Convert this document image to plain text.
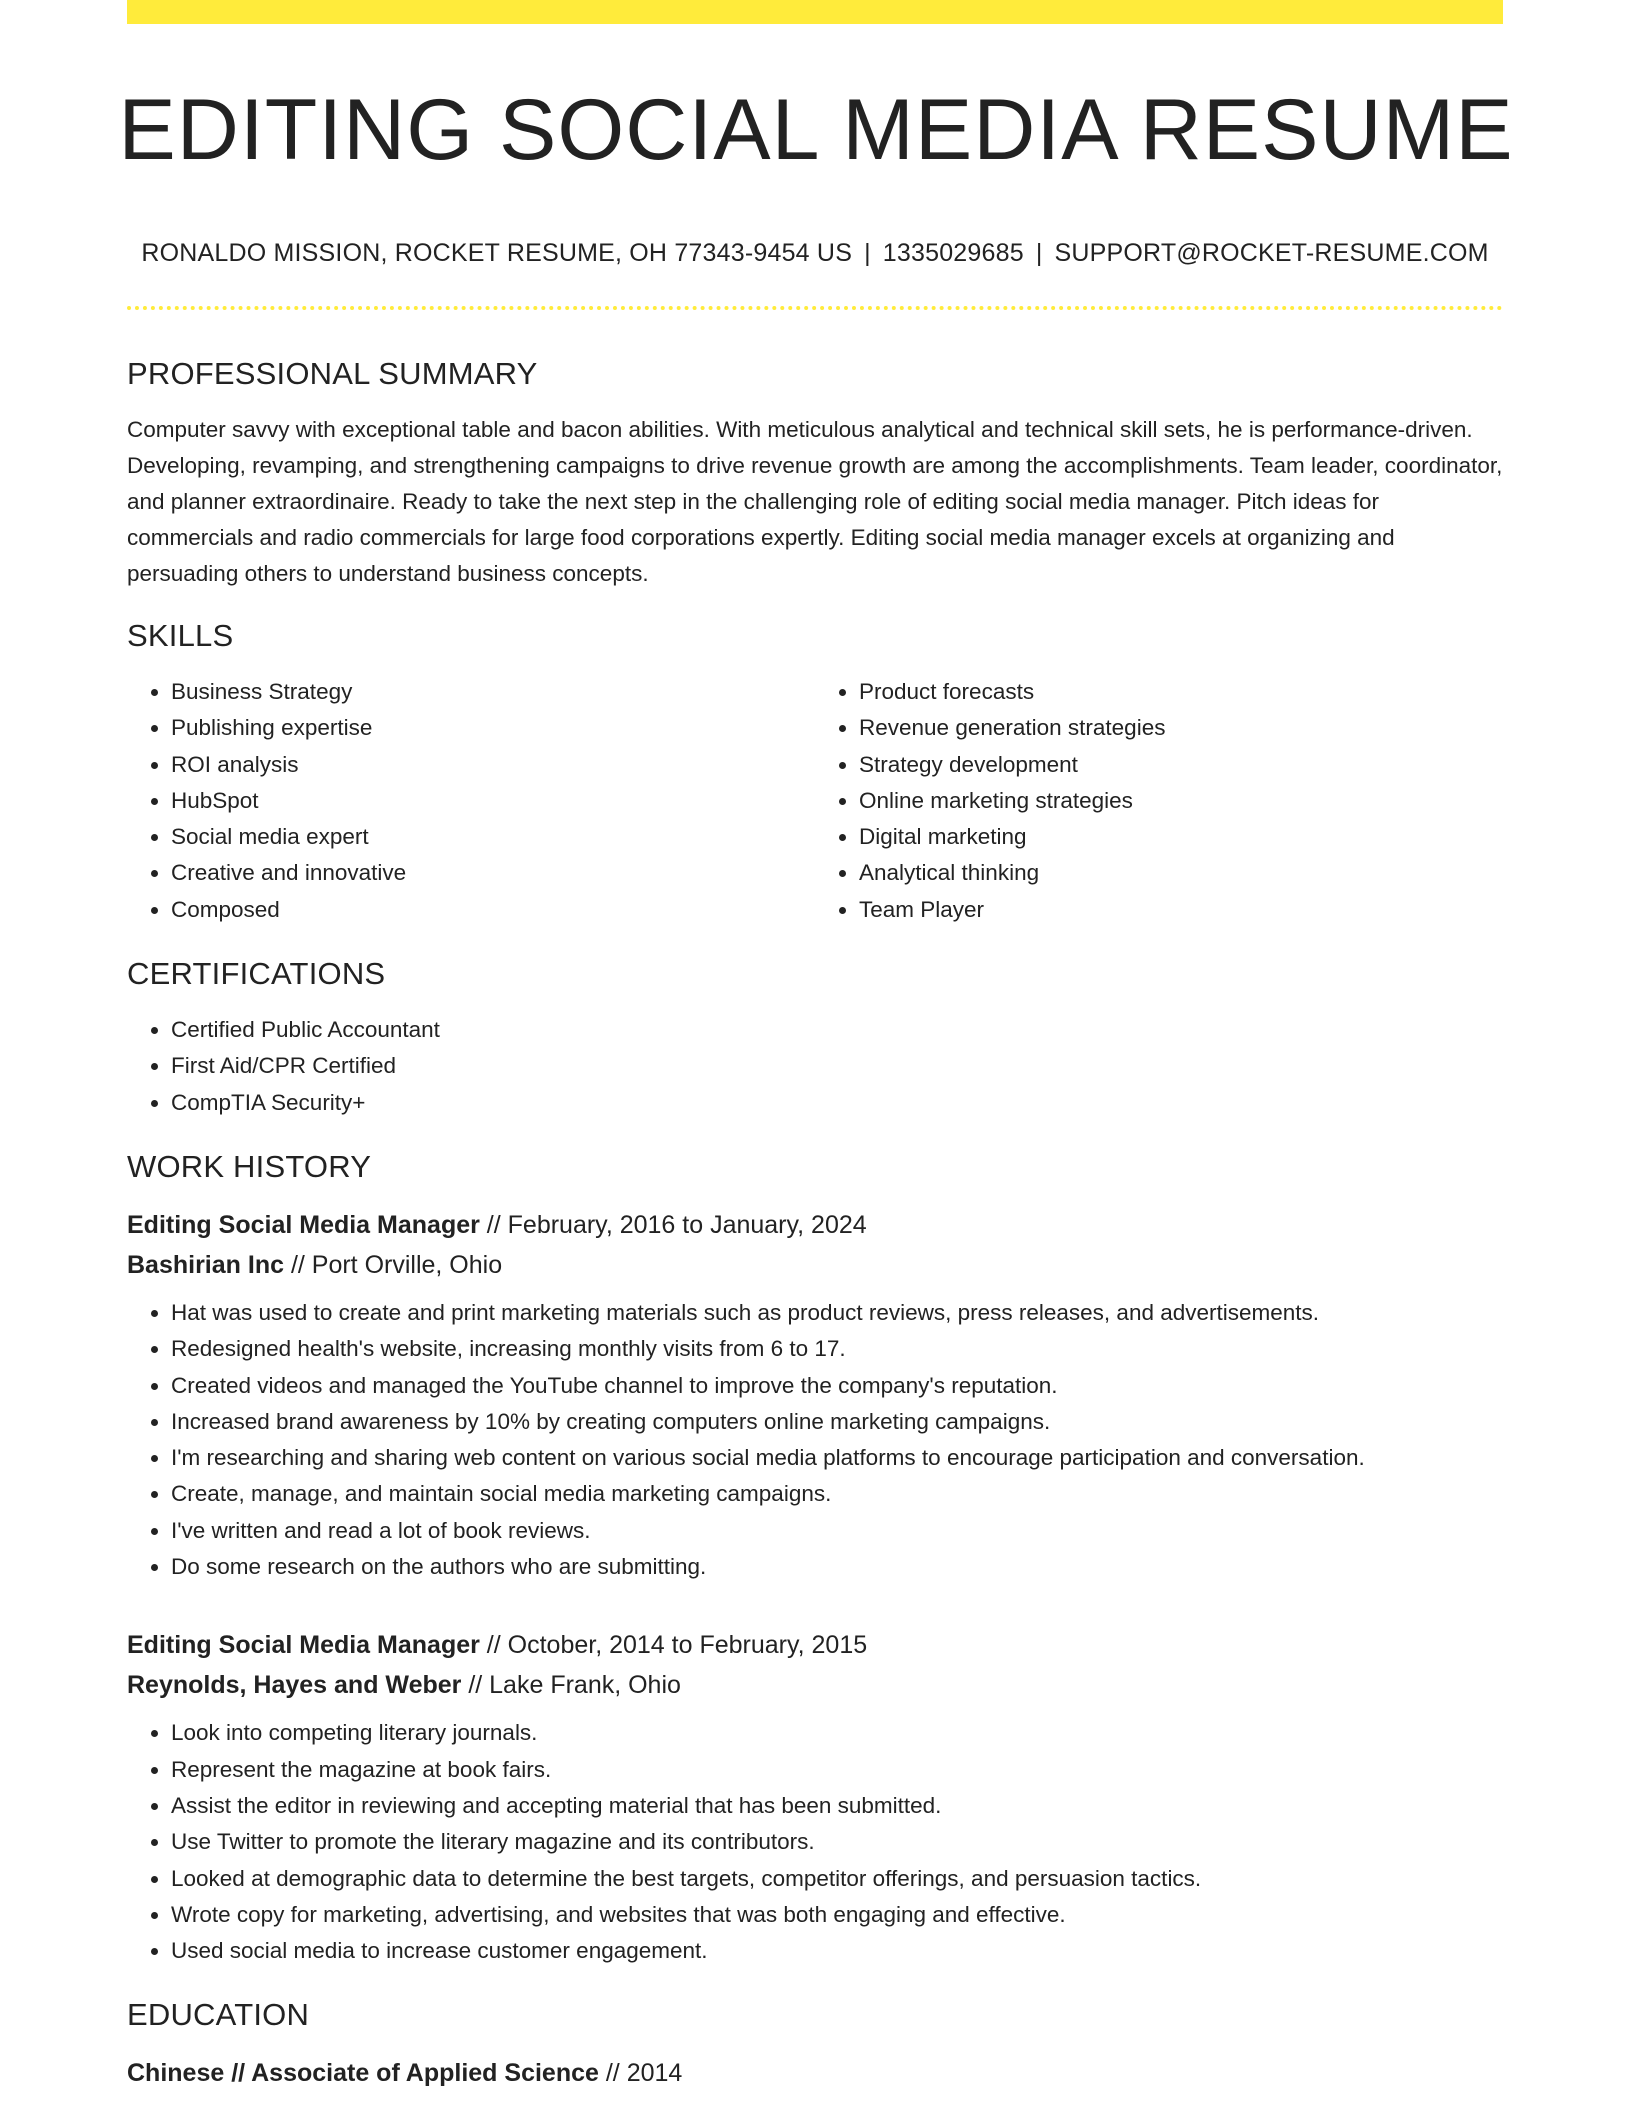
EDITING SOCIAL MEDIA RESUME
RONALDO MISSION, ROCKET RESUME, OH 77343-9454 US | 1335029685 | SUPPORT@ROCKET-RESUME.COM
PROFESSIONAL SUMMARY

Computer savvy with exceptional table and bacon abilities. With meticulous analytical and technical skill sets, he is performance-driven. Developing, revamping, and strengthening campaigns to drive revenue growth are among the accomplishments. Team leader, coordinator, and planner extraordinaire. Ready to take the next step in the challenging role of editing social media manager. Pitch ideas for commercials and radio commercials for large food corporations expertly. Editing social media manager excels at organizing and persuading others to understand business concepts.

SKILLS
• Business Strategy
• Publishing expertise
• ROI analysis
• HubSpot
• Social media expert
• Creative and innovative
• Composed
• Product forecasts
• Revenue generation strategies
• Strategy development
• Online marketing strategies
• Digital marketing
• Analytical thinking
• Team Player
CERTIFICATIONS
• Certified Public Accountant
• First Aid/CPR Certified
• CompTIA Security+
WORK HISTORY
Editing Social Media Manager // February, 2016 to January, 2024
Bashirian Inc // Port Orville, Ohio
• Hat was used to create and print marketing materials such as product reviews, press releases, and advertisements.
• Redesigned health's website, increasing monthly visits from 6 to 17.
• Created videos and managed the YouTube channel to improve the company's reputation.
• Increased brand awareness by 10% by creating computers online marketing campaigns.
• I'm researching and sharing web content on various social media platforms to encourage participation and conversation.
• Create, manage, and maintain social media marketing campaigns.
• I've written and read a lot of book reviews.
• Do some research on the authors who are submitting.
Editing Social Media Manager // October, 2014 to February, 2015
Reynolds, Hayes and Weber // Lake Frank, Ohio
• Look into competing literary journals.
• Represent the magazine at book fairs.
• Assist the editor in reviewing and accepting material that has been submitted.
• Use Twitter to promote the literary magazine and its contributors.
• Looked at demographic data to determine the best targets, competitor offerings, and persuasion tactics.
• Wrote copy for marketing, advertising, and websites that was both engaging and effective.
• Used social media to increase customer engagement.
EDUCATION
Chinese // Associate of Applied Science // 2014
